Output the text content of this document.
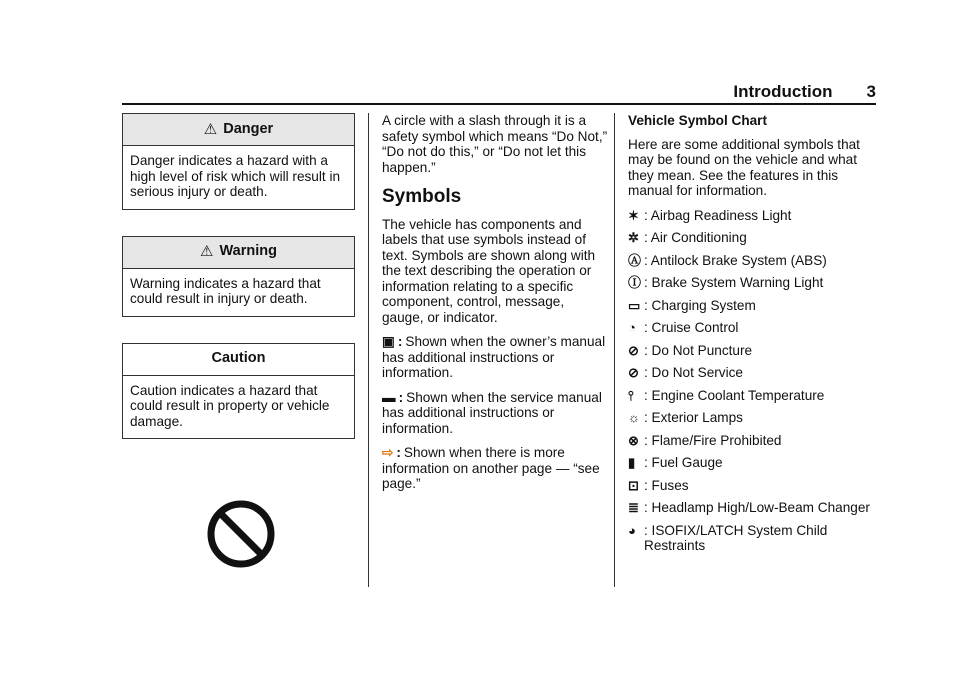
Introduction 3
⚠ Danger
Danger indicates a hazard with a high level of risk which will result in serious injury or death.
⚠ Warning
Warning indicates a hazard that could result in injury or death.
Caution
Caution indicates a hazard that could result in property or vehicle damage.

A circle with a slash through it is a safety symbol which means “Do Not,” “Do not do this,” or “Do not let this happen.”

Symbols

The vehicle has components and labels that use symbols instead of text. Symbols are shown along with the text describing the operation or information relating to a specific component, control, message, gauge, or indicator.

▣ : Shown when the owner’s manual has additional instructions or information.

▬ : Shown when the service manual has additional instructions or information.

⇨ : Shown when there is more information on another page — “see page.”

Vehicle Symbol Chart

Here are some additional symbols that may be found on the vehicle and what they mean. See the features in this manual for information.

✶ : Airbag Readiness Light
✲ : Air Conditioning
Ⓐ : Antilock Brake System (ABS)
Ⓘ : Brake System Warning Light
▭ : Charging System
◔ : Cruise Control
⊘ : Do Not Puncture
⊘ : Do Not Service
⫯ : Engine Coolant Temperature
☼ : Exterior Lamps
⊗ : Flame/Fire Prohibited
▮ : Fuel Gauge
⊡ : Fuses
≣ : Headlamp High/Low-Beam Changer
◕ : ISOFIX/LATCH System Child Restraints
